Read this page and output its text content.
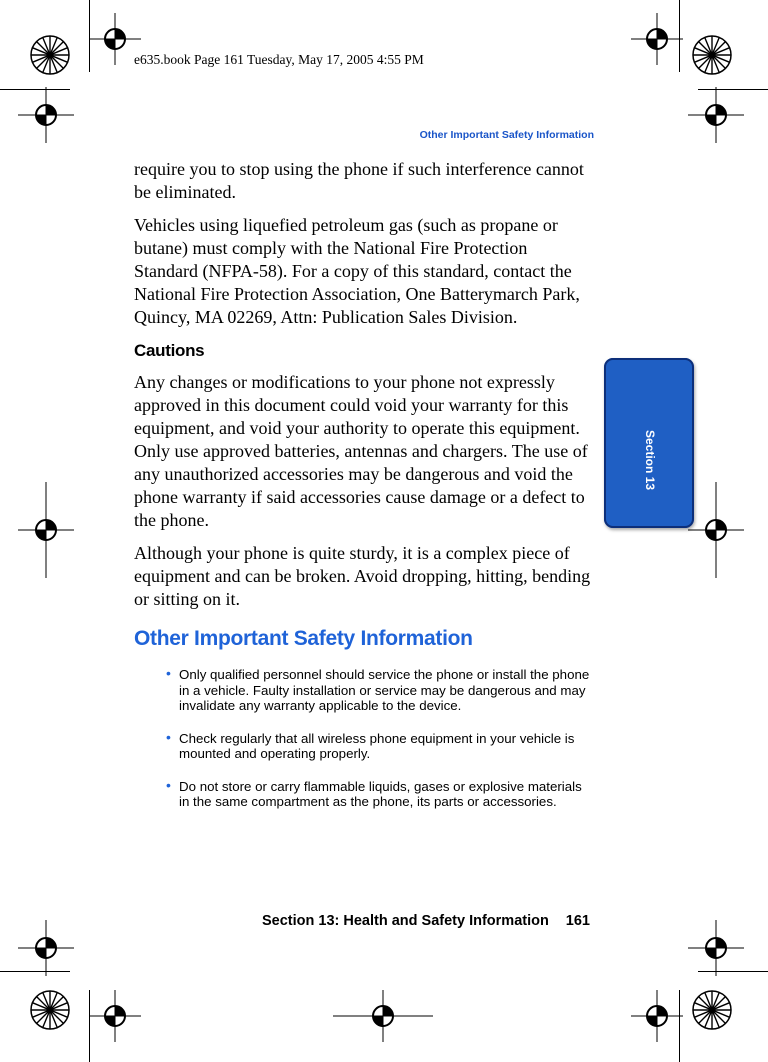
e635.book Page 161 Tuesday, May 17, 2005 4:55 PM
Other Important Safety Information
Section 13

require you to stop using the phone if such interference cannot be eliminated.

Vehicles using liquefied petroleum gas (such as propane or butane) must comply with the National Fire Protection Standard (NFPA-58). For a copy of this standard, contact the National Fire Protection Association, One Batterymarch Park, Quincy, MA 02269, Attn: Publication Sales Division.

Cautions

Any changes or modifications to your phone not expressly approved in this document could void your warranty for this equipment, and void your authority to operate this equipment. Only use approved batteries, antennas and chargers. The use of any unauthorized accessories may be dangerous and void the phone warranty if said accessories cause damage or a defect to the phone.

Although your phone is quite sturdy, it is a complex piece of equipment and can be broken. Avoid dropping, hitting, bending or sitting on it.

Other Important Safety Information
• Only qualified personnel should service the phone or install the phone in a vehicle. Faulty installation or service may be dangerous and may invalidate any warranty applicable to the device.
• Check regularly that all wireless phone equipment in your vehicle is mounted and operating properly.
• Do not store or carry flammable liquids, gases or explosive materials in the same compartment as the phone, its parts or accessories.
Section 13: Health and Safety Information 161
